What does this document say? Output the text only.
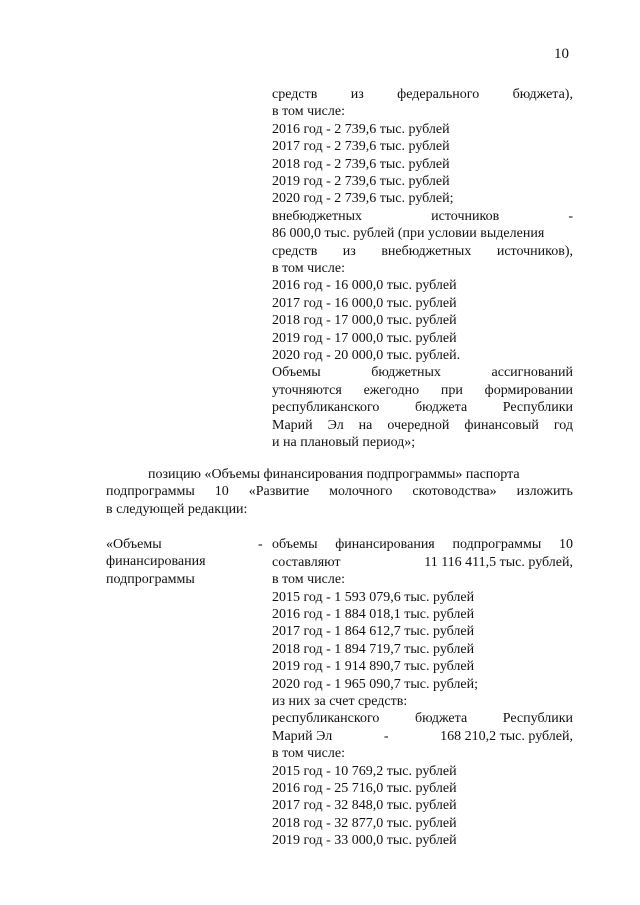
10
средств из федерального бюджета),
в том числе:
2016 год - 2 739,6 тыс. рублей
2017 год - 2 739,6 тыс. рублей
2018 год - 2 739,6 тыс. рублей
2019 год - 2 739,6 тыс. рублей
2020 год - 2 739,6 тыс. рублей;
внебюджетных	источников	-
86 000,0 тыс. рублей (при условии выделения
средств из внебюджетных источников),
в том числе:
2016 год - 16 000,0 тыс. рублей
2017 год - 16 000,0 тыс. рублей
2018 год - 17 000,0 тыс. рублей
2019 год - 17 000,0 тыс. рублей
2020 год - 20 000,0 тыс. рублей.
Объемы	бюджетных	ассигнований
уточняются ежегодно при формировании
республиканского	бюджета	Республики
Марий Эл на очередной финансовый год
и на плановый период»;
позицию «Объемы финансирования подпрограммы» паспорта
подпрограммы 10 «Развитие молочного скотоводства» изложить
в следующей редакции:
«Объемы
финансирования
подпрограммы
- объемы финансирования подпрограммы 10
составляют	11 116 411,5 тыс. рублей,
в том числе:
2015 год - 1 593 079,6 тыс. рублей
2016 год - 1 884 018,1 тыс. рублей
2017 год - 1 864 612,7 тыс. рублей
2018 год - 1 894 719,7 тыс. рублей
2019 год - 1 914 890,7 тыс. рублей
2020 год - 1 965 090,7 тыс. рублей;
из них за счет средств:
республиканского	бюджета	Республики
Марий Эл	-	168 210,2 тыс. рублей,
в том числе:
2015 год - 10 769,2 тыс. рублей
2016 год - 25 716,0 тыс. рублей
2017 год - 32 848,0 тыс. рублей
2018 год - 32 877,0 тыс. рублей
2019 год - 33 000,0 тыс. рублей
